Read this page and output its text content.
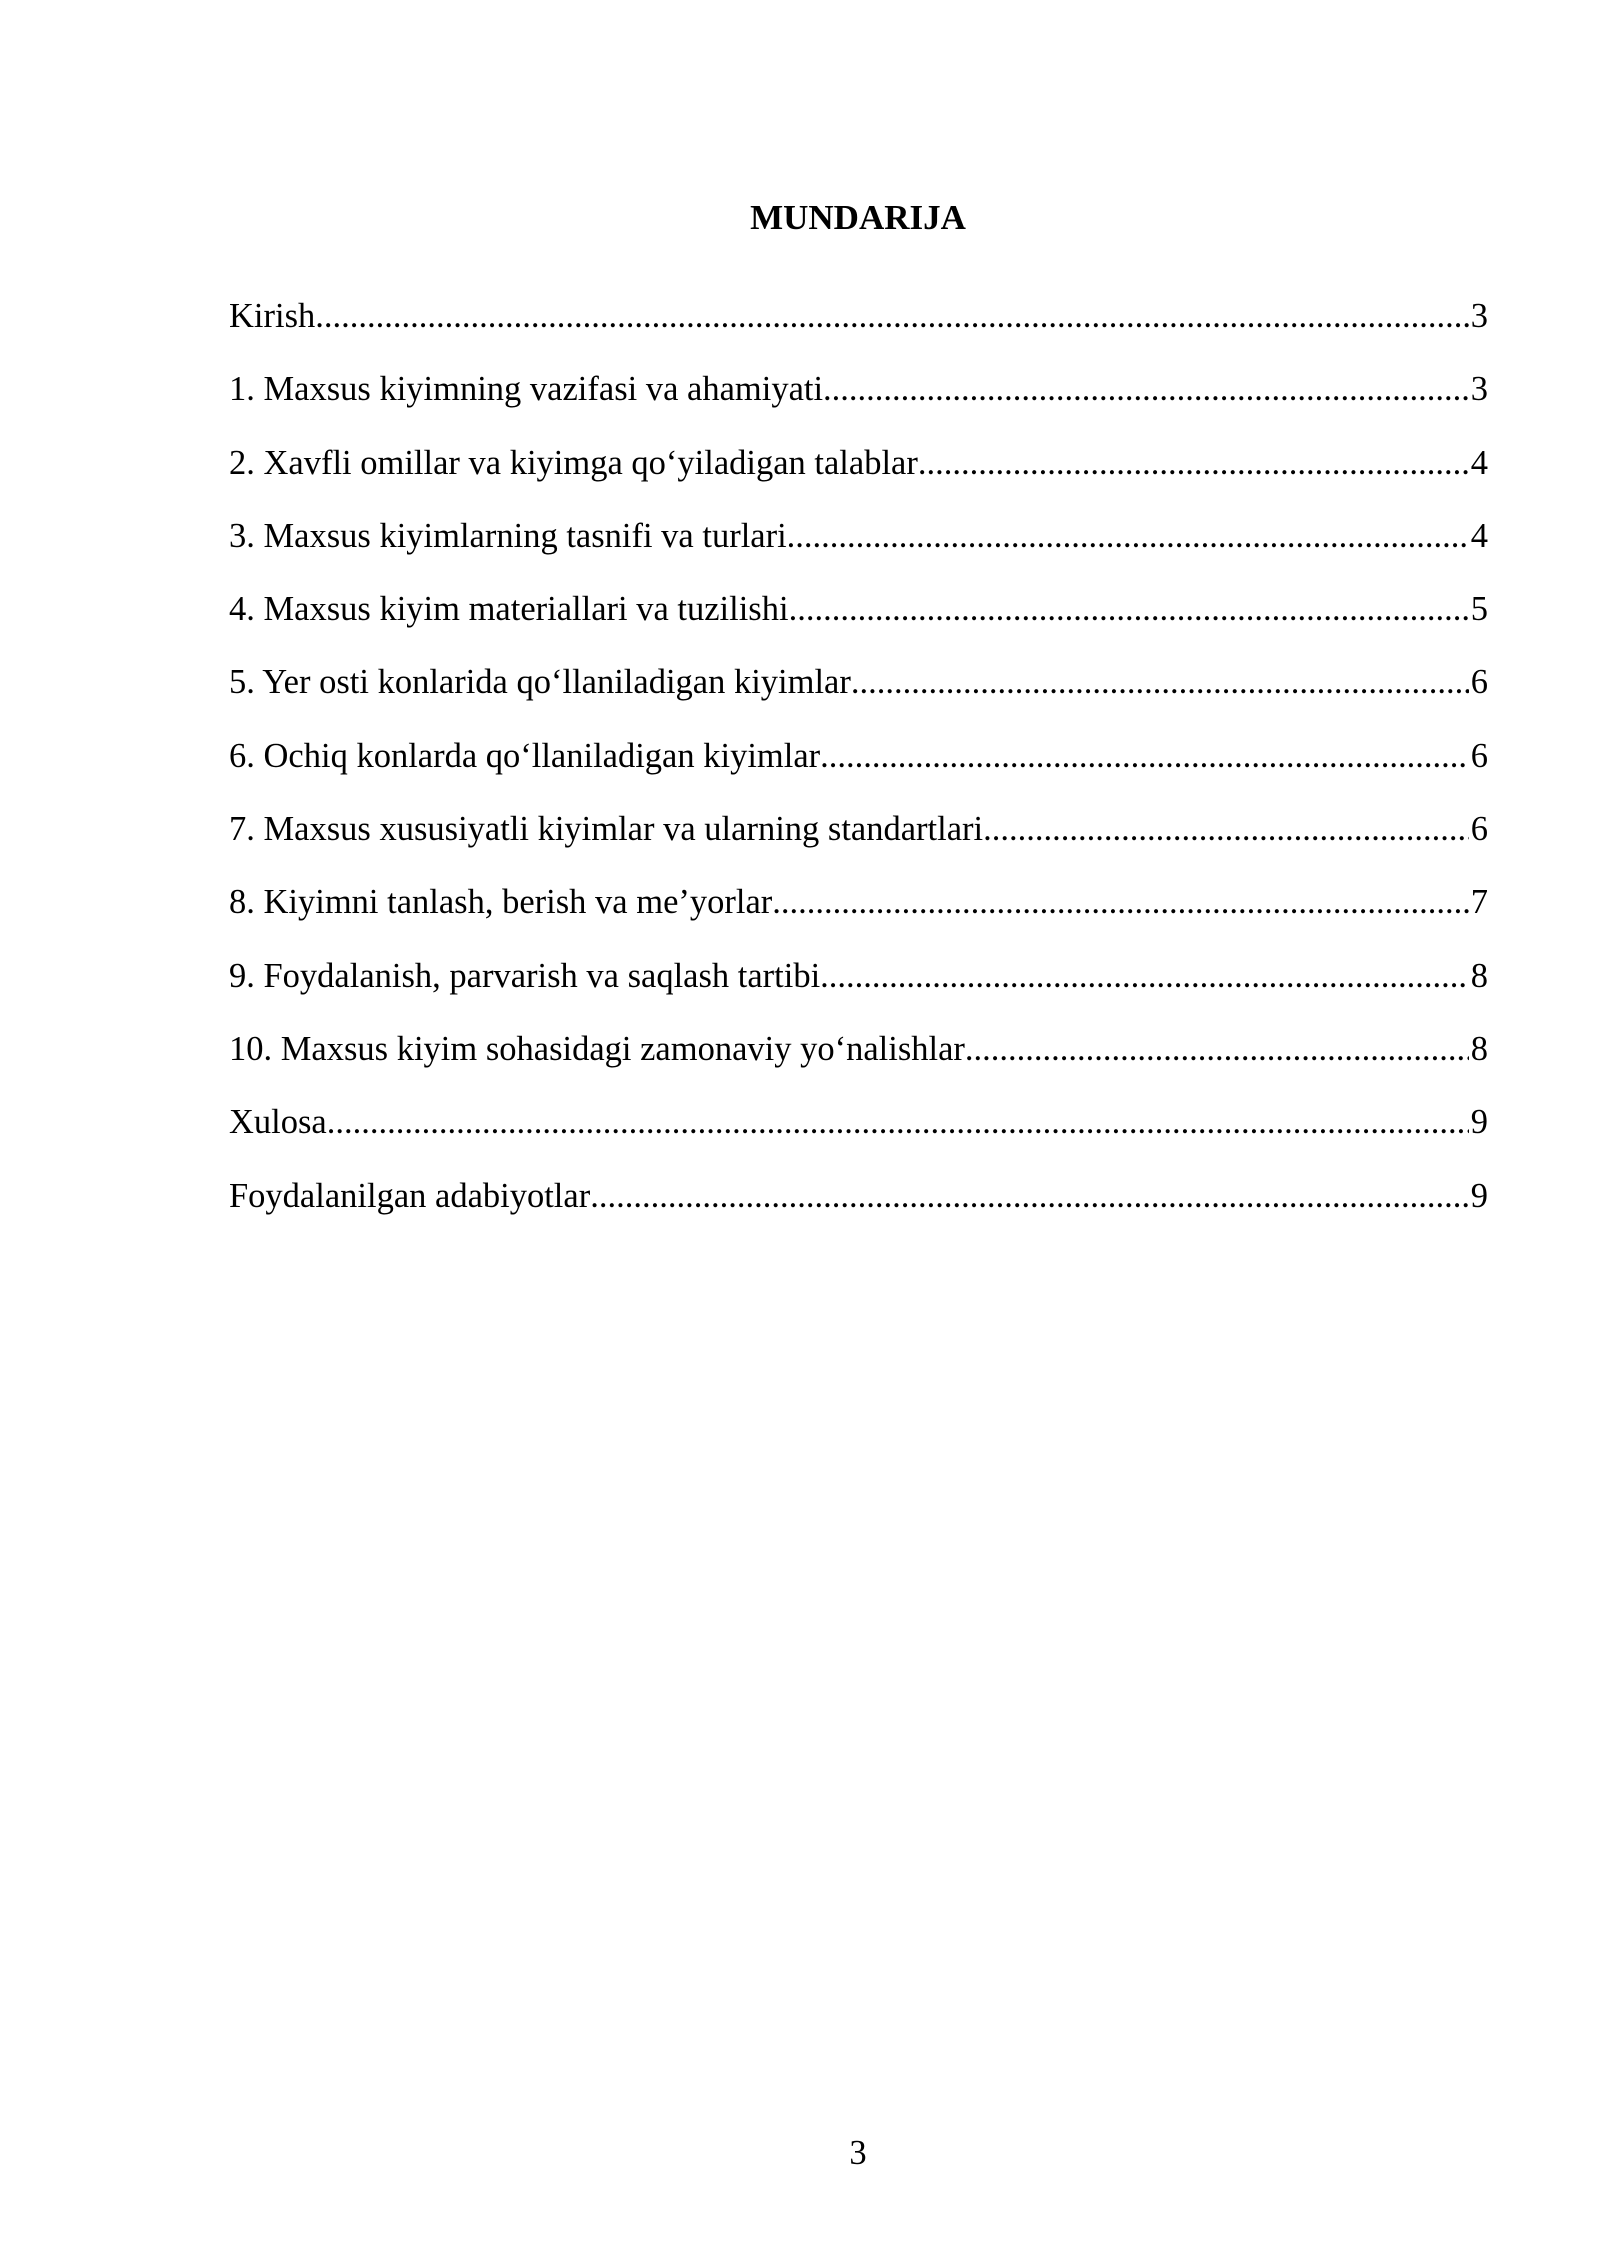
MUNDARIJA
Kirish .....	3
1. Maxsus kiyimning vazifasi va ahamiyati .....	3
2. Xavfli omillar va kiyimga qo‘yiladigan talablar .....	4
3. Maxsus kiyimlarning tasnifi va turlari .....	4
4. Maxsus kiyim materiallari va tuzilishi .....	5
5. Yer osti konlarida qo‘llaniladigan kiyimlar .....	6
6. Ochiq konlarda qo‘llaniladigan kiyimlar .....	6
7. Maxsus xususiyatli kiyimlar va ularning standartlari .....	6
8. Kiyimni tanlash, berish va me’yorlar .....	7
9. Foydalanish, parvarish va saqlash tartibi .....	8
10. Maxsus kiyim sohasidagi zamonaviy yo‘nalishlar .....	8
Xulosa .....	9
Foydalanilgan adabiyotlar .....	9
3
